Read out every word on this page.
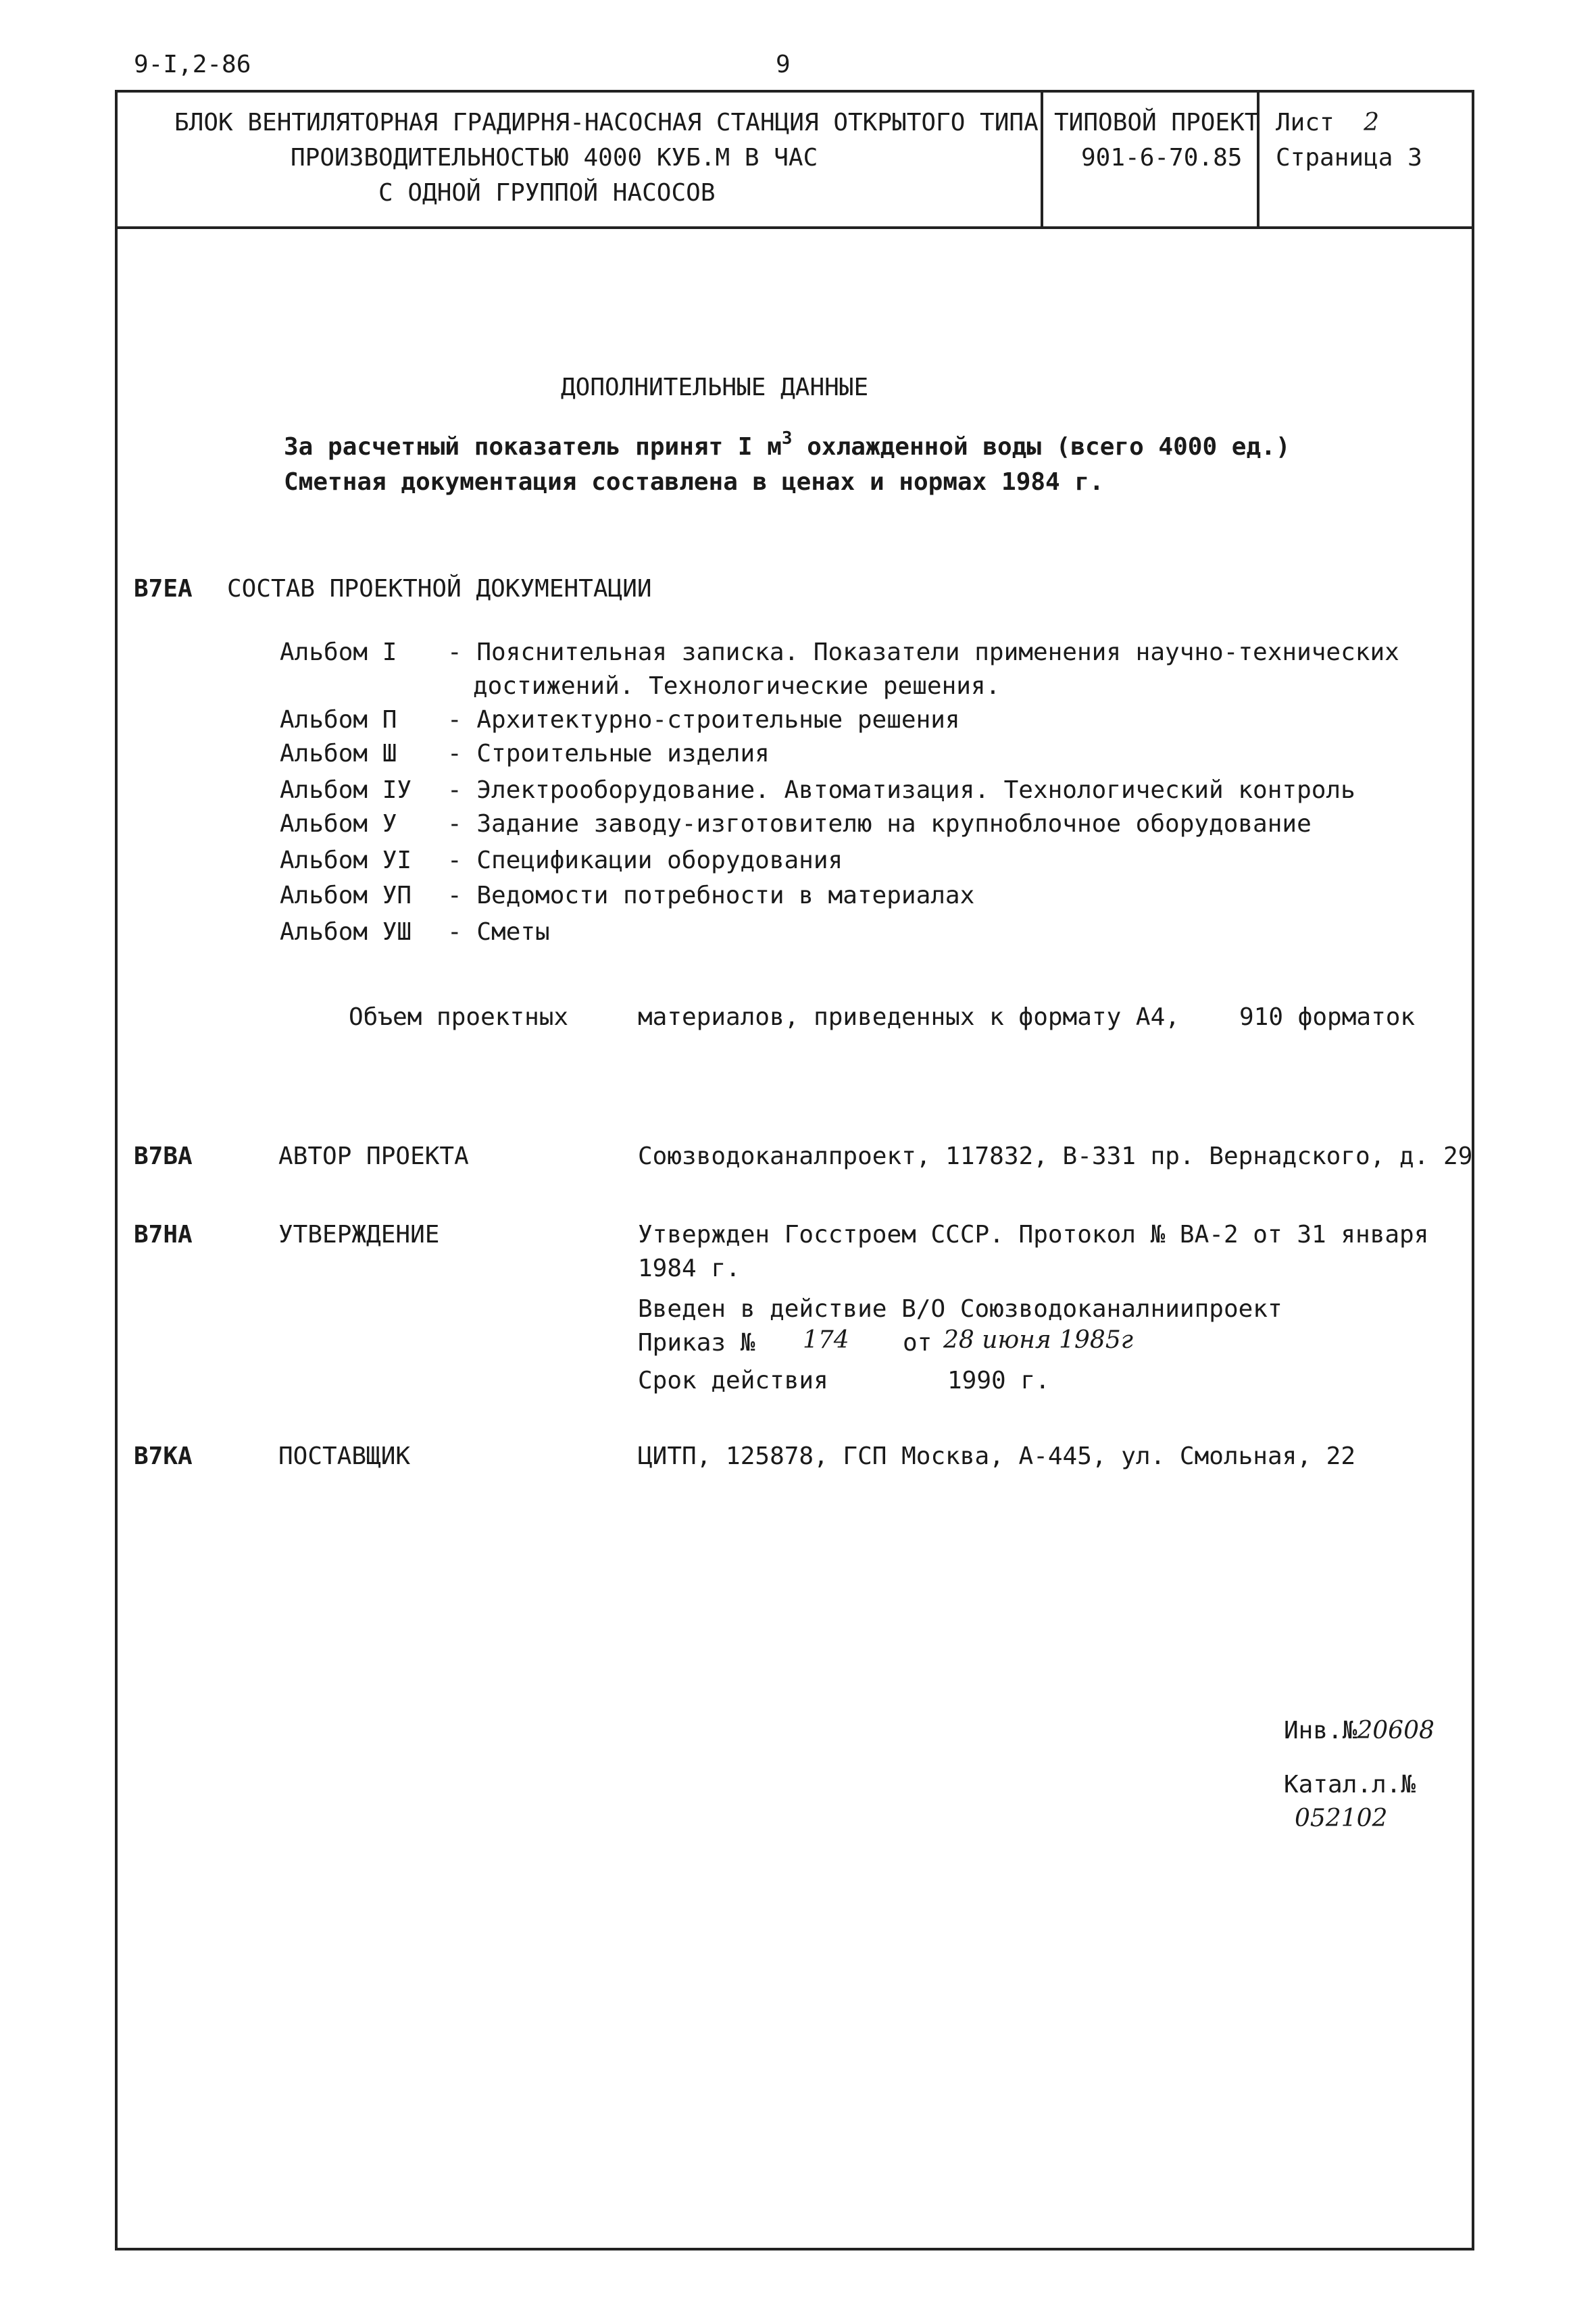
9-I,2-86	9
БЛОК ВЕНТИЛЯТОРНАЯ ГРАДИРНЯ-НАСОСНАЯ СТАНЦИЯ ОТКРЫТОГО ТИПА
ПРОИЗВОДИТЕЛЬНОСТЬЮ 4000 КУБ.М В ЧАС
С ОДНОЙ ГРУППОЙ НАСОСОВ
ТИПОВОЙ ПРОЕКТ
901-6-70.85
Лист 2
Страница 3
ДОПОЛНИТЕЛЬНЫЕ ДАННЫЕ
За расчетный показатель принят I $м^3$ охлажденной воды (всего 4000 ед.)
Сметная документация составлена в ценах и нормах 1984 г.
В7ЕА СОСТАВ ПРОЕКТНОЙ ДОКУМЕНТАЦИИ
Альбом I - Пояснительная записка. Показатели применения научно-технических
достижений. Технологические решения.
Альбом П - Архитектурно-строительные решения
Альбом Ш - Строительные изделия
Альбом IУ - Электрооборудование. Автоматизация. Технологический контроль
Альбом У - Задание заводу-изготовителю на крупноблочное оборудование
Альбом УI - Спецификации оборудования
Альбом УП - Ведомости потребности в материалах
Альбом УШ - Сметы
Объем проектных	материалов, приведенных к формату А4, 910 форматок
В7ВА	АВТОР ПРОЕКТА	Союзводоканалпроект, 117832, В-331 пр. Вернадского, д. 29
В7НА	УТВЕРЖДЕНИЕ	Утвержден Госстроем СССР. Протокол № ВА-2 от 31 января
1984 г.
Введен в действие В/О Союзводоканалниипроект
Приказ № 174 от 28 июня 1985г
Срок действия	1990 г.
В7КА	ПОСТАВЩИК	ЦИТП, 125878, ГСП Москва, А-445, ул. Смольная, 22
Инв.№20608
Катал.л.№
052102
